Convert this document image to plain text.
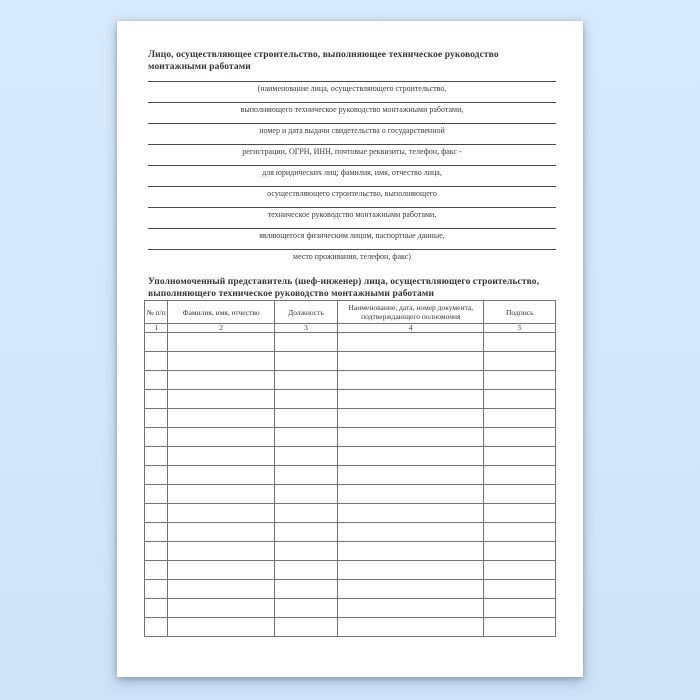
Лицо, осуществляющее строительство, выполняющее техническое руководство монтажными работами

(наименование лица, осуществляющего строительство,
выполняющего техническое руководство монтажными работами,
номер и дата выдачи свидетельства о государственной
регистрации, ОГРН, ИНН, почтовые реквизиты, телефон, факс -
для юридических лиц; фамилия, имя, отчество лица,
осуществляющего строительство, выполняющего
техническое руководство монтажными работами,
являющегося физическим лицом, паспортные данные,
место проживания, телефон, факс)

Уполномоченный представитель (шеф-инженер) лица, осуществляющего строительство, выполняющего техническое руководство монтажными работами

№ п/п	Фамилия, имя, отчество	Должность	Наименование, дата, номер документа, подтверждающего полномочия	Подпись
1	2	3	4	5
